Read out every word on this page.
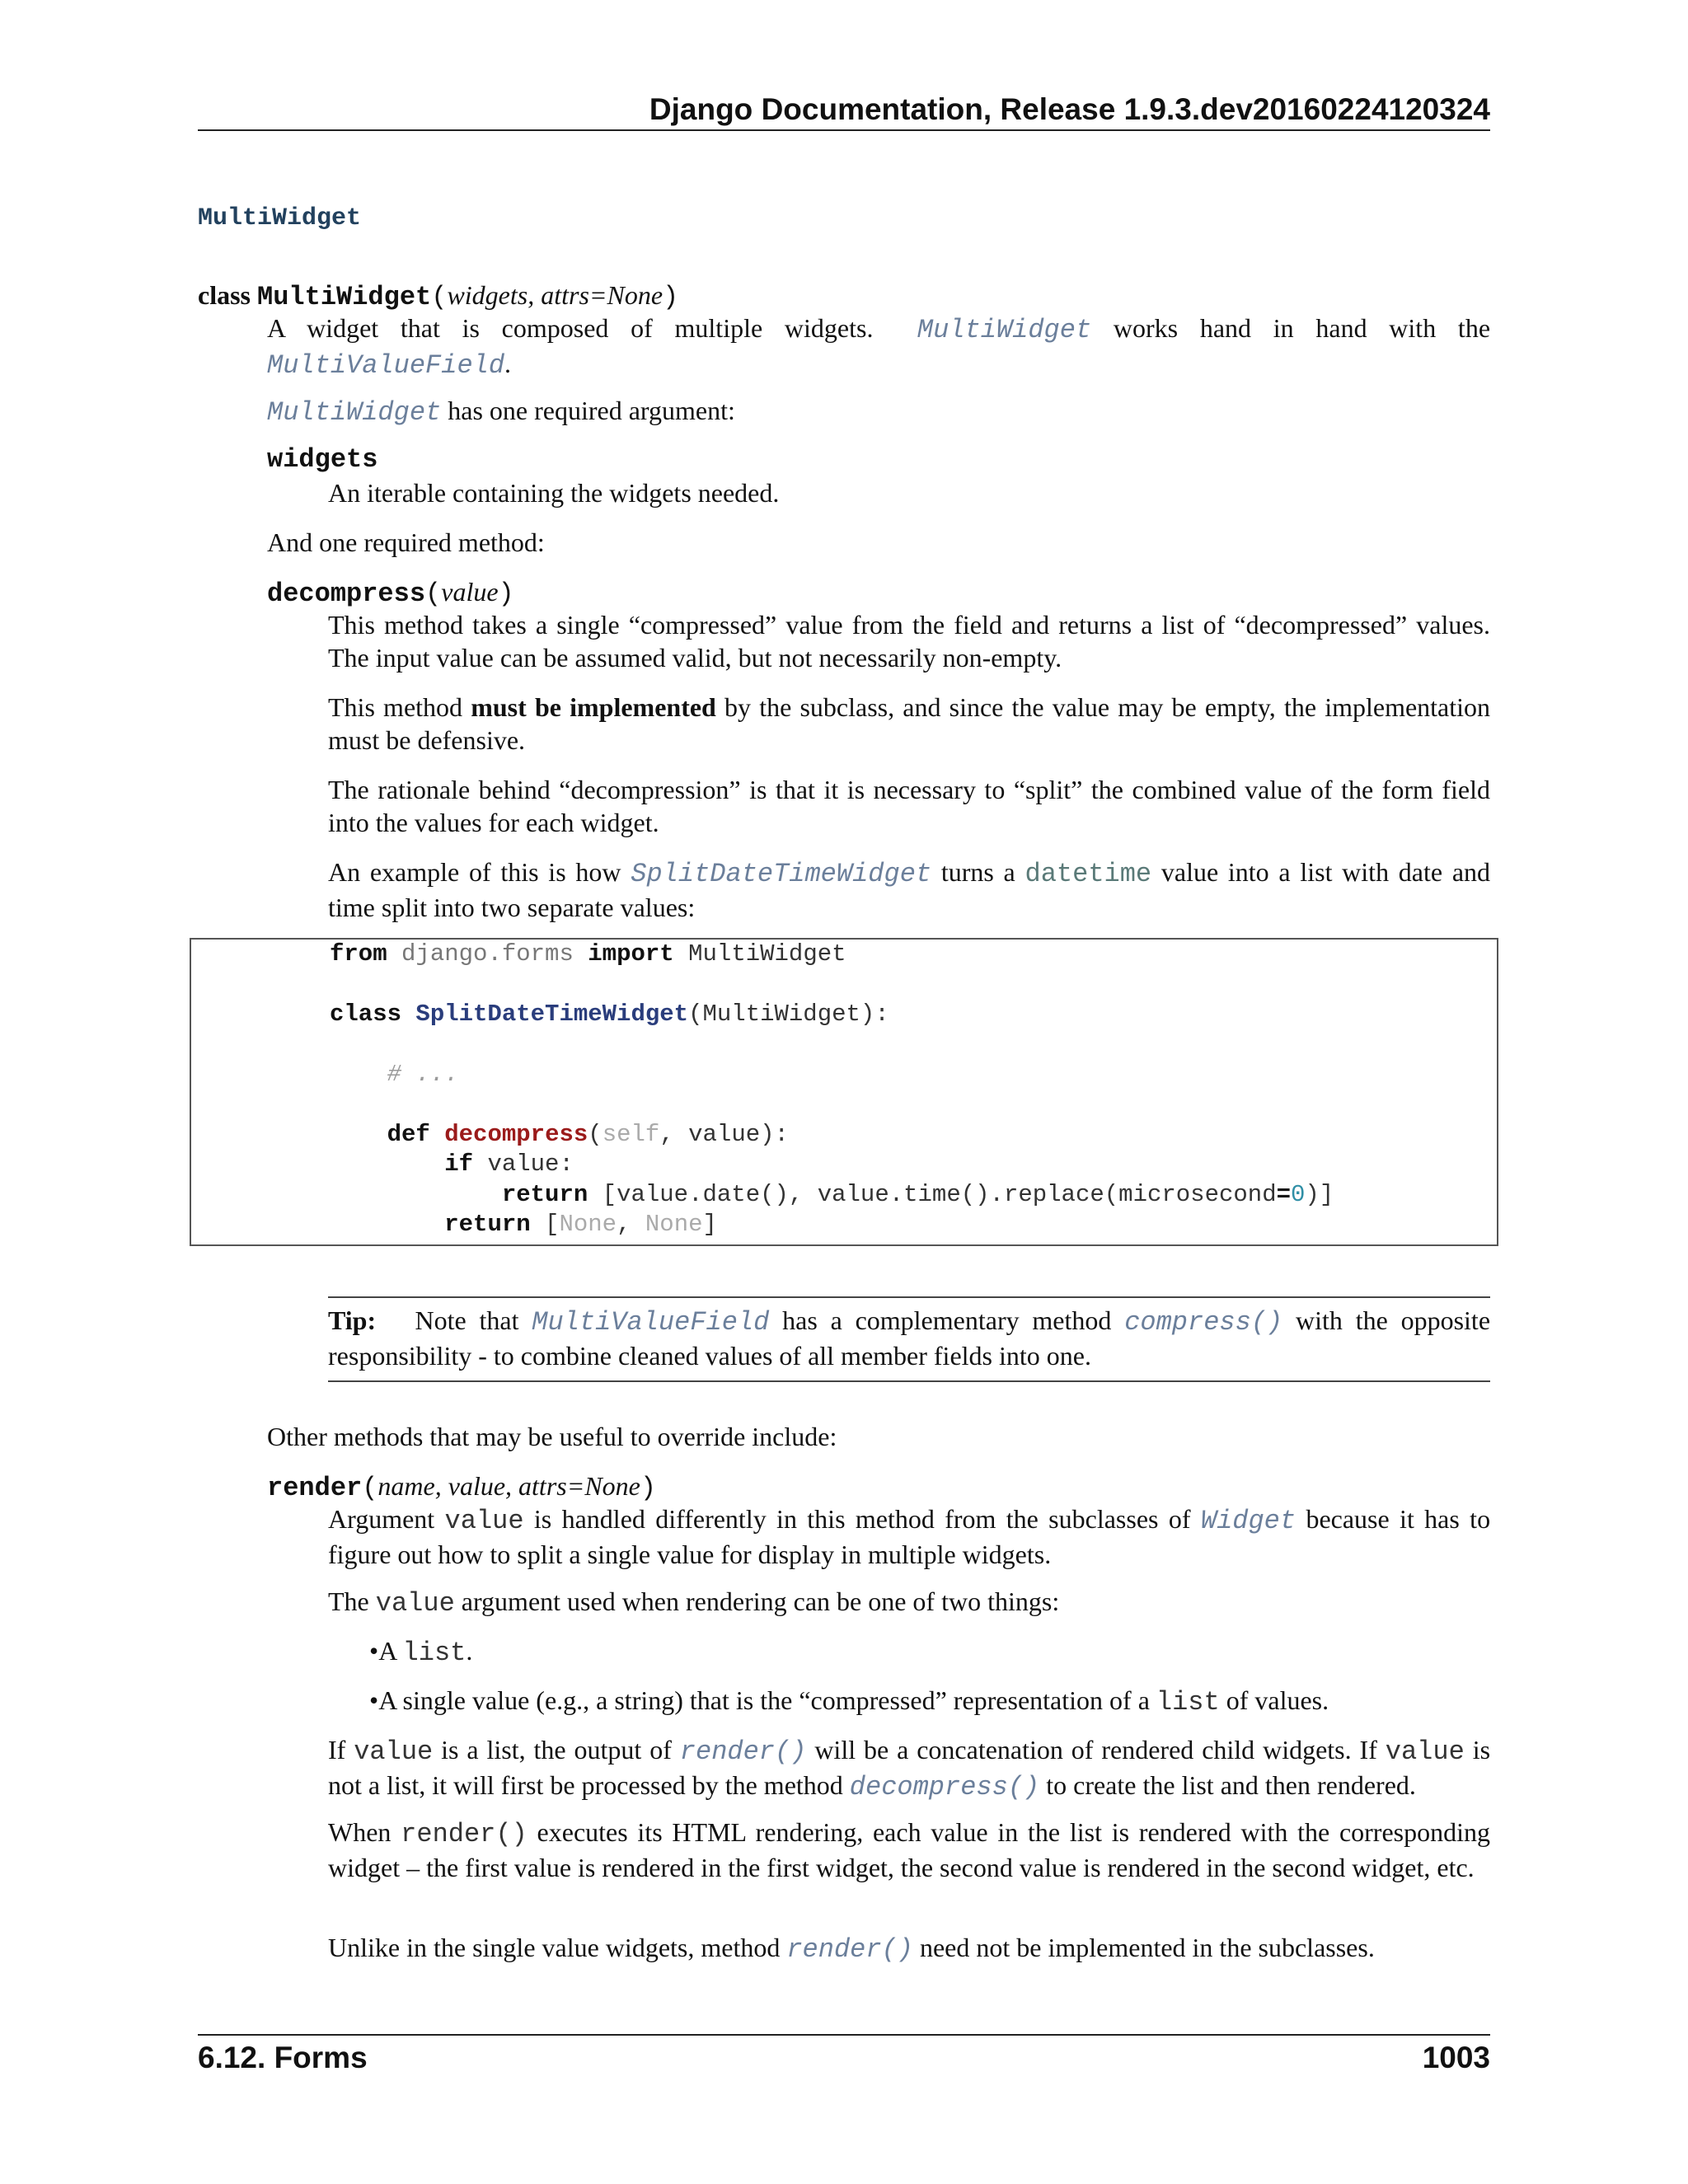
Django Documentation, Release 1.9.3.dev20160224120324
MultiWidget
class MultiWidget(widgets, attrs=None)
A widget that is composed of multiple widgets. MultiWidget works hand in hand with the MultiValueField.
MultiWidget has one required argument:
widgets
An iterable containing the widgets needed.
And one required method:
decompress(value)
This method takes a single “compressed” value from the field and returns a list of “decompressed” values. The input value can be assumed valid, but not necessarily non-empty.
This method must be implemented by the subclass, and since the value may be empty, the implementation must be defensive.
The rationale behind “decompression” is that it is necessary to “split” the combined value of the form field into the values for each widget.
An example of this is how SplitDateTimeWidget turns a datetime value into a list with date and time split into two separate values:
from django.forms import MultiWidget
class SplitDateTimeWidget(MultiWidget):
# ...
def decompress(self, value):
if value:
return [value.date(), value.time().replace(microsecond=0)]
return [None, None]
Tip: Note that MultiValueField has a complementary method compress() with the opposite responsibility - to combine cleaned values of all member fields into one.
Other methods that may be useful to override include:
render(name, value, attrs=None)
Argument value is handled differently in this method from the subclasses of Widget because it has to figure out how to split a single value for display in multiple widgets.
The value argument used when rendering can be one of two things:
•A list.
•A single value (e.g., a string) that is the “compressed” representation of a list of values.
If value is a list, the output of render() will be a concatenation of rendered child widgets. If value is not a list, it will first be processed by the method decompress() to create the list and then rendered.
When render() executes its HTML rendering, each value in the list is rendered with the corresponding widget – the first value is rendered in the first widget, the second value is rendered in the second widget, etc.
Unlike in the single value widgets, method render() need not be implemented in the subclasses.
6.12. Forms	1003
